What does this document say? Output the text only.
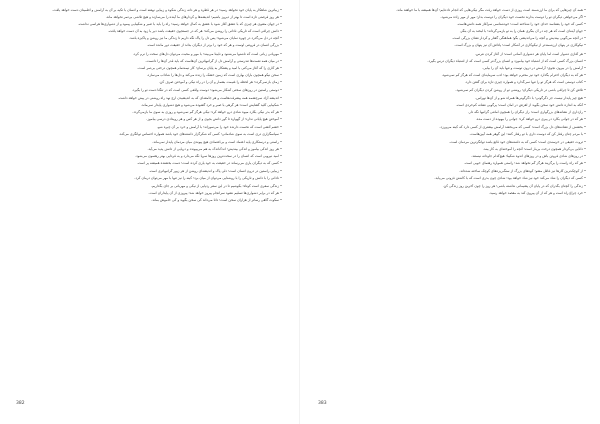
• زیباترین شاهکار به پایان خود نخواهد رسید؛ در هر قطره و هر دانه زندگی شکوه و زیبایی نهفته است و انسان با تکیه بر آن به آرامش و اطمینان دست خواهد یافت.

• هر روز فرصتی تازه است تا بهتر از دیروز باشیم؛ اندیشه‌ها و کردارهای ما آینده را می‌سازند و هیچ تلاشی بی‌ثمر نخواهد ماند.

• در جهان معنوی هر چیزی که با عشق آغاز شود با عشق به کمال خواهد رسید؛ راه را باید با صبر و شکیبایی پیمود و از دشواری‌ها هراسی نداشت.

• دانش چراغی است که تاریکی نادانی را روشن می‌کند؛ هر که در جستجوی حقیقت باشد دیر یا زود به آن دست خواهد یافت.

• آنچه در دل می‌گذرد در چهره نمایان می‌شود؛ پس دل را پاک نگه داریم تا زندگی ما نیز روشن و پاکیزه باشد.

• بزرگی انسان در فروتنی اوست و هر که خود را برتر از دیگران بداند از حقیقت دور مانده است.

• مهربانی زبانی است که ناشنوا می‌شنود و نابینا می‌بیند؛ با مهر و محبت می‌توان دل‌های سخت را نرم کرد.

• در میان همه نعمت‌ها تندرستی و آرامش دل از گرانبهاترین آن‌هاست که باید قدر آن‌ها را دانست.

• هر کاری را که آغاز می‌کنی با امید و پشتکار به پایان برسان؛ کار نیمه‌تمام همچون درختی بی‌ثمر است.

• سخن نیکو همچون باران بهاری است که زمین خشک را زنده می‌کند و دل‌ها را شاداب می‌سازد.

• زمان بازنمی‌گردد؛ هر لحظه را غنیمت بشمار و آن را در راه نیکی و آموختن صرف کن.

• دوستی راستین در روزهای سختی آشکار می‌شود؛ دوست واقعی کسی است که در تنگنا دست تو را بگیرد.

• اندیشه آزاد سرچشمه همه پیشرفت‌هاست و هر جامعه‌ای که به اندیشیدن ارج نهد راه روشنی در پیش خواهد داشت.

• شکیبایی کلید گشایش است؛ هر گرهی با صبر و خرد گشوده می‌شود و هیچ دشواری پایدار نمی‌ماند.

• هر که بذر نیکی بکارد میوه شادی درو خواهد کرد؛ نیکی هرگز گم نمی‌شود و روزی به سوی ما بازمی‌گردد.

• آموختن هیچ پایانی ندارد؛ از گهواره تا گور دانش بجوی و از هر کس و هر رویدادی درسی بیاموز.

• خشم آتشی است که نخست دارنده خود را می‌سوزاند؛ با آرامش و خرد بر آن چیره شو.

• سپاسگزاری دری است به سوی شادمانی؛ کسی که شکرگزار داشته‌های خود باشد همواره احساس توانگری می‌کند.

• راستی و درستکاری پایه اعتماد است و بی‌اعتمادی هیچ پیوندی میان مردمان پایدار نمی‌ماند.

• هر روز اندکی بیاموز و اندکی بیندیش؛ اندک‌اندک به هم می‌پیوندد و دریایی از دانش پدید می‌آید.

• امید نیرویی است که انسان را در سخت‌ترین روزها سرپا نگه می‌دارد و به فردایی بهتر رهنمون می‌شود.

• کسی که به دیگران یاری می‌رساند در حقیقت به خود یاری کرده است؛ دست بخشنده همیشه پر است.

• زیبایی راستین در درون انسان است؛ دلی پاک و اندیشه‌ای روشن از هر زیور گرانبهاتری است.

• نادانی را با دانش و تاریکی را با روشنایی می‌توان از میان برد؛ کینه را نیز تنها با مهر می‌توان درمان کرد.

• زندگی سفری است کوتاه؛ بکوشیم تا در این سفر ردپایی از نیکی و مهربانی بر جای بگذاریم.

• هر که در برابر دشواری‌ها تسلیم نشود سرانجام پیروز خواهد شد؛ پیروزی از آن پایداران است.

• سکوت گاهی رساتر از هزاران سخن است؛ دانا می‌داند کی سخن بگوید و کی خاموش بماند.

382

• همه آن چیزهایی که برای ما ارزشمند است روزی از دست خواهد رفت مگر نیکی‌هایی که انجام داده‌ایم؛ آن‌ها همیشه با ما خواهند ماند.

• اگر می‌خواهی دیگران تو را دوست بدارند نخست خود دیگران را دوست بدار؛ مهر از مهر زاده می‌شود.

• کسی که خود را بشناسد خدای خود را شناخته است؛ خودشناسی سرآغاز همه دانش‌هاست.

• جهان آینه‌ای است که هر چه در آن بنگری همان را به تو بازمی‌گرداند؛ با لبخند به آن بنگر.

• در آنچه می‌گویی بیندیش و آنچه را می‌اندیشی بگو؛ هماهنگی گفتار و کردار نشان بزرگی است.

• نیکوکاری در پنهان ارزشمندتر از نیکوکاری در آشکار است؛ پاداش آن نیز پنهان و بزرگ است.

• هر آغازی دشوار است اما پایان هر دشواری آسانی است؛ از آغاز کردن نترس.

• انسان بزرگ کسی است که از اشتباه خود بیاموزد و انسان بزرگ‌تر کسی است که از اشتباه دیگران درس بگیرد.

• آرامش را در بیرون نجوی؛ آرامش در درون توست و تنها باید آن را بیابی.

• هر که به دیگران احترام بگذارد خود نیز محترم خواهد بود؛ ادب سرمایه‌ای است که هرگز کم نمی‌شود.

• کتاب دوستی است که هرگز تو را تنها نمی‌گذارد و همواره چیزی تازه برای گفتن دارد.

• تلاش کن تا چراغی باشی در تاریکی دیگران؛ روشنی تو از روشن کردن دیگران کم نمی‌شود.

• هیچ چیز پایدار نیست جز دگرگونی؛ با دگرگونی‌ها همراه شو و از آن‌ها نهراس.

• آنکه به اندازه دانش خود سخن بگوید از لغزش در امان است؛ پرگویی نشانه کم‌خردی است.

• رازداری از نشانه‌های بزرگواری است؛ راز دیگران را همچون امانتی گرانبها نگه دار.

• هر که در جوانی بکارد در پیری درو خواهد کرد؛ جوانی را بیهوده از دست مده.

• بخشش از نشانه‌های دل بزرگ است؛ کسی که می‌بخشد آرامش بیشتری از کسی دارد که کینه می‌ورزد.

• با مردم چنان رفتار کن که دوست داری با تو رفتار کنند؛ این گوهر همه آیین‌هاست.

• ثروت حقیقی در خرسندی است؛ کسی که به داشته‌های خود قانع باشد توانگرترین مردمان است.

• دانایی بی‌کردار همچون درخت بی‌بار است؛ آنچه را آموخته‌ای به کار ببند.

• در روزهای شادی فروتن باش و در روزهای اندوه شکیبا؛ هیچ‌کدام جاودانه نیستند.

• هر که راه راست را برگزیند هرگز گم نخواهد شد؛ راستی همواره رهنمای خوبی است.

• از کوچک‌ترین کارها نیز غافل مشو؛ کوه‌های بزرگ از سنگ‌ریزه‌های کوچک ساخته شده‌اند.

• کسی که دیگران را شاد می‌کند خود نیز شاد خواهد بود؛ شادی چون بذری است که با کاشتن فزونی می‌یابد.

• زندگی را آنچنان بگذران که در پایان آن پشیمانی نداشته باشی؛ هر روز را چون آخرین روز زندگی کن.

• خرد چراغ راه است و هر که از آن پیروی کند به مقصد خواهد رسید.

383
